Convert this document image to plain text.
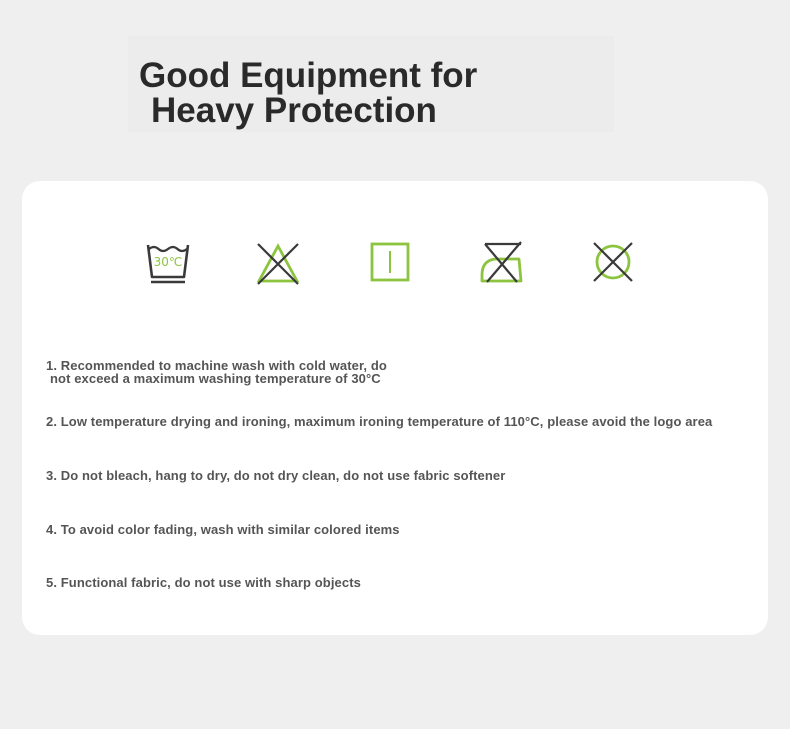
Good Equipment for
Heavy Protection
30℃
1. Recommended to machine wash with cold water, do
not exceed a maximum washing temperature of 30°C
2. Low temperature drying and ironing, maximum ironing temperature of 110°C, please avoid the logo area
3. Do not bleach, hang to dry, do not dry clean, do not use fabric softener
4. To avoid color fading, wash with similar colored items
5. Functional fabric, do not use with sharp objects
